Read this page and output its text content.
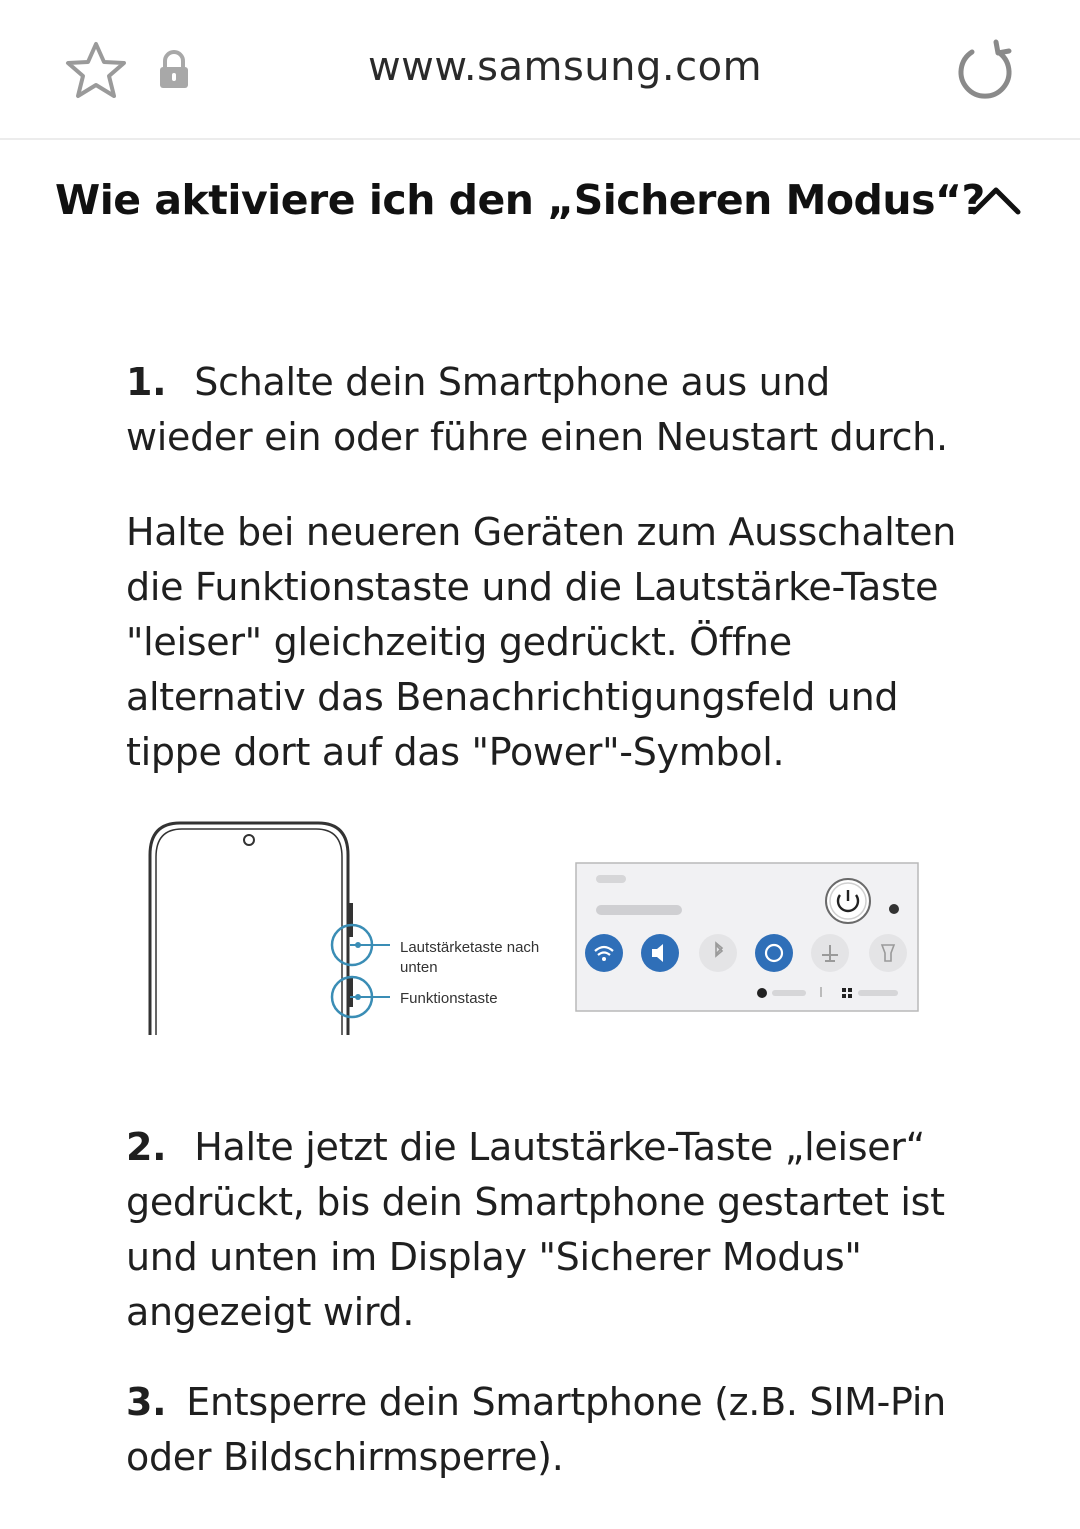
www.samsung.com
Wie aktiviere ich den „Sicheren Modus“?

1. Schalte dein Smartphone aus und wieder ein oder führe einen Neustart durch.

Halte bei neueren Geräten zum Ausschalten die Funktionstaste und die Lautstärke-Taste "leiser" gleichzeitig gedrückt. Öffne alternativ das Benachrichtigungsfeld und tippe dort auf das "Power"-Symbol.

Lautstärketaste nach
unten
Funktionstaste

2. Halte jetzt die Lautstärke-Taste „leiser“ gedrückt, bis dein Smartphone gestartet ist und unten im Display "Sicherer Modus" angezeigt wird.

3. Entsperre dein Smartphone (z.B. SIM-Pin oder Bildschirmsperre).
